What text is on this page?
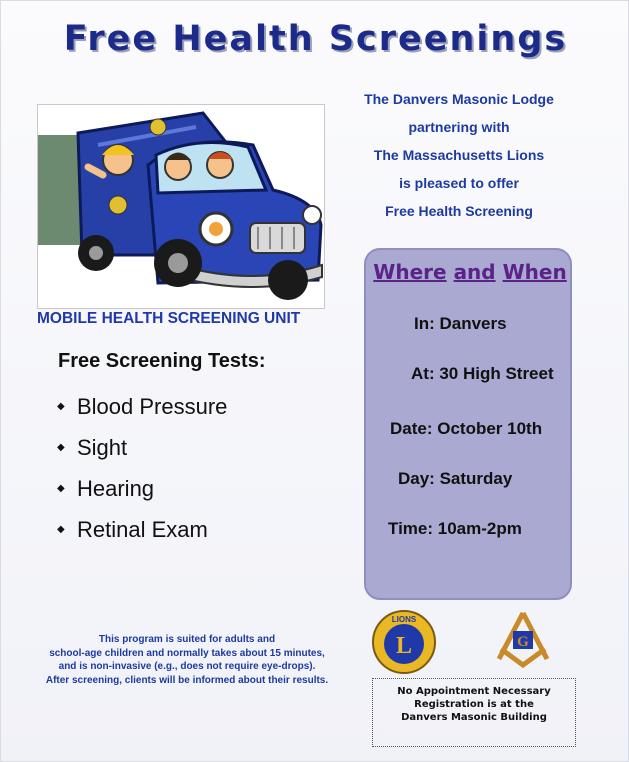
Free Health Screenings
MOBILE HEALTH SCREENING UNIT
The Danvers Masonic Lodge
partnering with
The Massachusetts Lions
is pleased to offer
Free Health Screening
Free Screening Tests:
◆ Blood Pressure
◆ Sight
◆ Hearing
◆ Retinal Exam
Where and When
In: Danvers
At: 30 High Street
Date: October 10th
Day: Saturday
Time: 10am-2pm
This program is suited for adults and
school-age children and normally takes about 15 minutes,
and is non-invasive (e.g., does not require eye-drops).
After screening, clients will be informed about their results.
L
LIONS
G
No Appointment Necessary
Registration is at the
Danvers Masonic Building
